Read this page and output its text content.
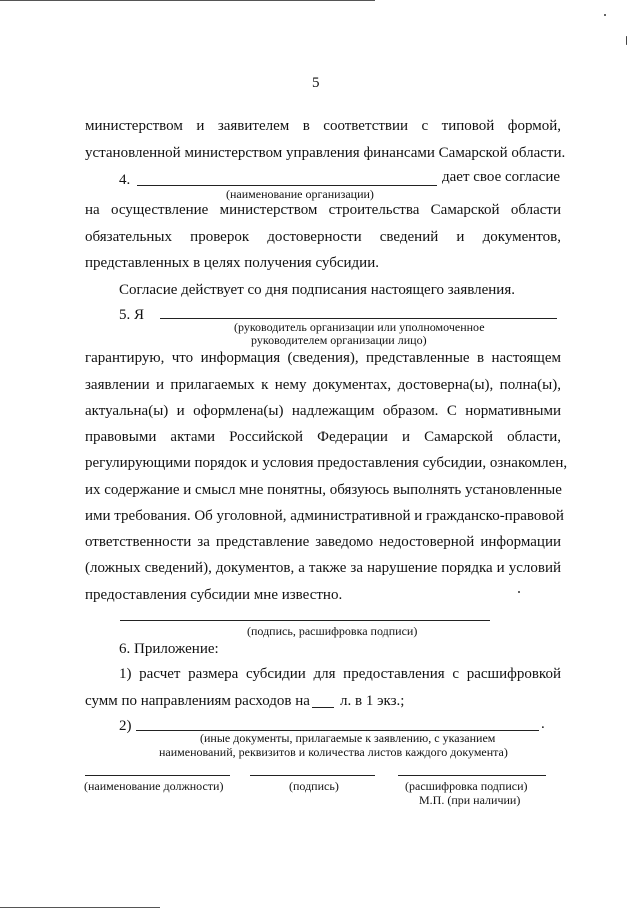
5
министерством и заявителем в соответствии с типовой формой,
установленной министерством управления финансами Самарской области.
4.	дает свое согласие
(наименование организации)
на осуществление министерством строительства Самарской области
обязательных проверок достоверности сведений и документов,
представленных в целях получения субсидии.
Согласие действует со дня подписания настоящего заявления.
5. Я
(руководитель организации или уполномоченное
руководителем организации лицо)
гарантирую, что информация (сведения), представленные в настоящем
заявлении и прилагаемых к нему документах, достоверна(ы), полна(ы),
актуальна(ы) и оформлена(ы) надлежащим образом. С нормативными
правовыми актами Российской Федерации и Самарской области,
регулирующими порядок и условия предоставления субсидии, ознакомлен,
их содержание и смысл мне понятны, обязуюсь выполнять установленные
ими требования. Об уголовной, административной и гражданско-правовой
ответственности за представление заведомо недостоверной информации
(ложных сведений), документов, а также за нарушение порядка и условий
предоставления субсидии мне известно.
(подпись, расшифровка подписи)
6. Приложение:
1) расчет размера субсидии для предоставления с расшифровкой
сумм по направлениям расходов на л. в 1 экз.;
2)	.
(иные документы, прилагаемые к заявлению, с указанием
наименований, реквизитов и количества листов каждого документа)
(наименование должности)	(подпись)	(расшифровка подписи)
М.П. (при наличии)
